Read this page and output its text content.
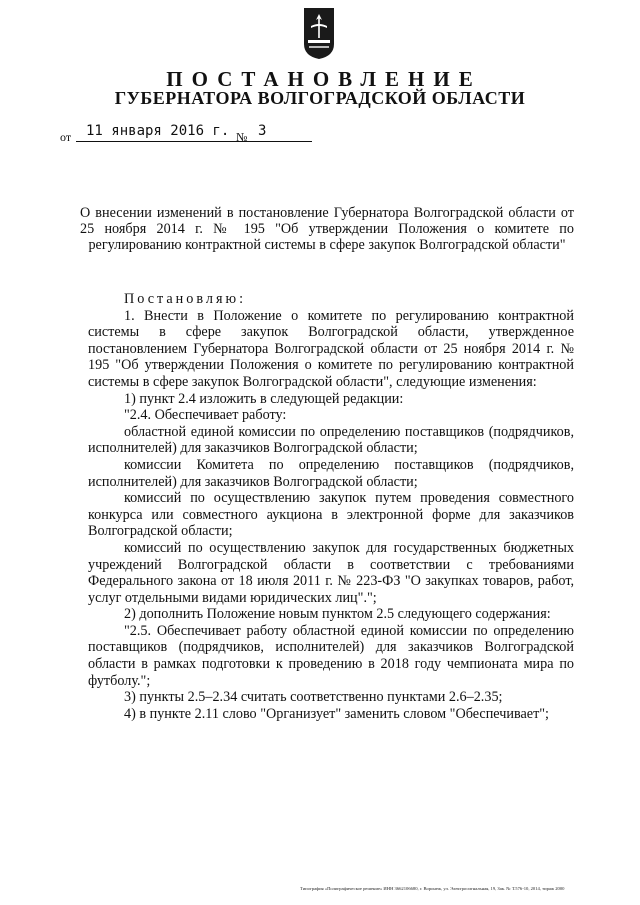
ПОСТАНОВЛЕНИЕ
ГУБЕРНАТОРА ВОЛГОГРАДСКОЙ ОБЛАСТИ
от 11 января 2016 г. № 3
О внесении изменений в постановление Губернатора Волгоградской области от 25 ноября 2014 г. № 195 "Об утверждении Положения о комитете по регулированию контрактной системы в сфере закупок Волгоградской области"

Постановляю:

1. Внести в Положение о комитете по регулированию контрактной системы в сфере закупок Волгоградской области, утвержденное постановлением Губернатора Волгоградской области от 25 ноября 2014 г. № 195 "Об утверждении Положения о комитете по регулированию контрактной системы в сфере закупок Волгоградской области", следующие изменения:

1) пункт 2.4 изложить в следующей редакции:

"2.4. Обеспечивает работу:

областной единой комиссии по определению поставщиков (подрядчиков, исполнителей) для заказчиков Волгоградской области;

комиссии Комитета по определению поставщиков (подрядчиков, исполнителей) для заказчиков Волгоградской области;

комиссий по осуществлению закупок путем проведения совместного конкурса или совместного аукциона в электронной форме для заказчиков Волгоградской области;

комиссий по осуществлению закупок для государственных бюджетных учреждений Волгоградской области в соответствии с требованиями Федерального закона от 18 июля 2011 г. № 223-ФЗ "О закупках товаров, работ, услуг отдельными видами юридических лиц".";

2) дополнить Положение новым пунктом 2.5 следующего содержания:

"2.5. Обеспечивает работу областной единой комиссии по определению поставщиков (подрядчиков, исполнителей) для заказчиков Волгоградской области в рамках подготовки к проведению в 2018 году чемпионата мира по футболу.";

3) пункты 2.5–2.34 считать соответственно пунктами 2.6–2.35;

4) в пункте 2.11 слово "Организует" заменить словом "Обеспечивает";

Типография «Полиграфическое решение» ИНН 3662106680, г. Воронеж, ул. Электросигнальная, 19, Зак. № Т.576-10, 2014, тираж 2000
